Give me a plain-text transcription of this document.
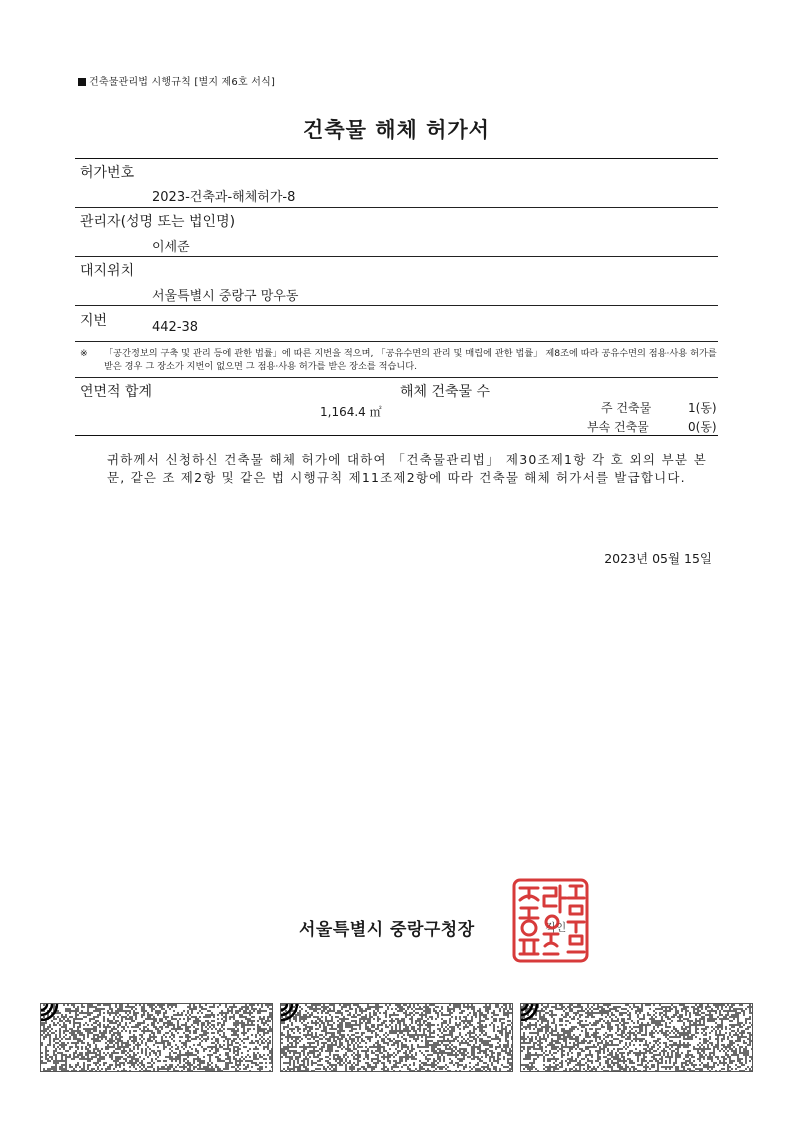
건축물관리법 시행규칙 [별지 제6호 서식]
건축물 해체 허가서
허가번호
2023-건축과-해체허가-8
관리자(성명 또는 법인명)
이세준
대지위치
서울특별시 중랑구 망우동
지번	442-38
※ 「공간정보의 구축 및 관리 등에 관한 법률」에 따른 지번을 적으며, 「공유수면의 관리 및 매립에 관한 법률」 제8조에 따라 공유수면의 점용·사용 허가를 받은 경우 그 장소가 지번이 없으면 그 점용·사용 허가를 받은 장소를 적습니다.
연면적 합계	해체 건축물 수
1,164.4 ㎡	주 건축물	1(동)
부속 건축물	0(동)
귀하께서 신청하신 건축물 해체 허가에 대하여 「건축물관리법」 제30조제1항 각 호 외의 부분 본문, 같은 조 제2항 및 같은 법 시행규칙 제11조제2항에 따라 건축물 해체 허가서를 발급합니다.
2023년 05월 15일
서울특별시 중랑구청장	직인
